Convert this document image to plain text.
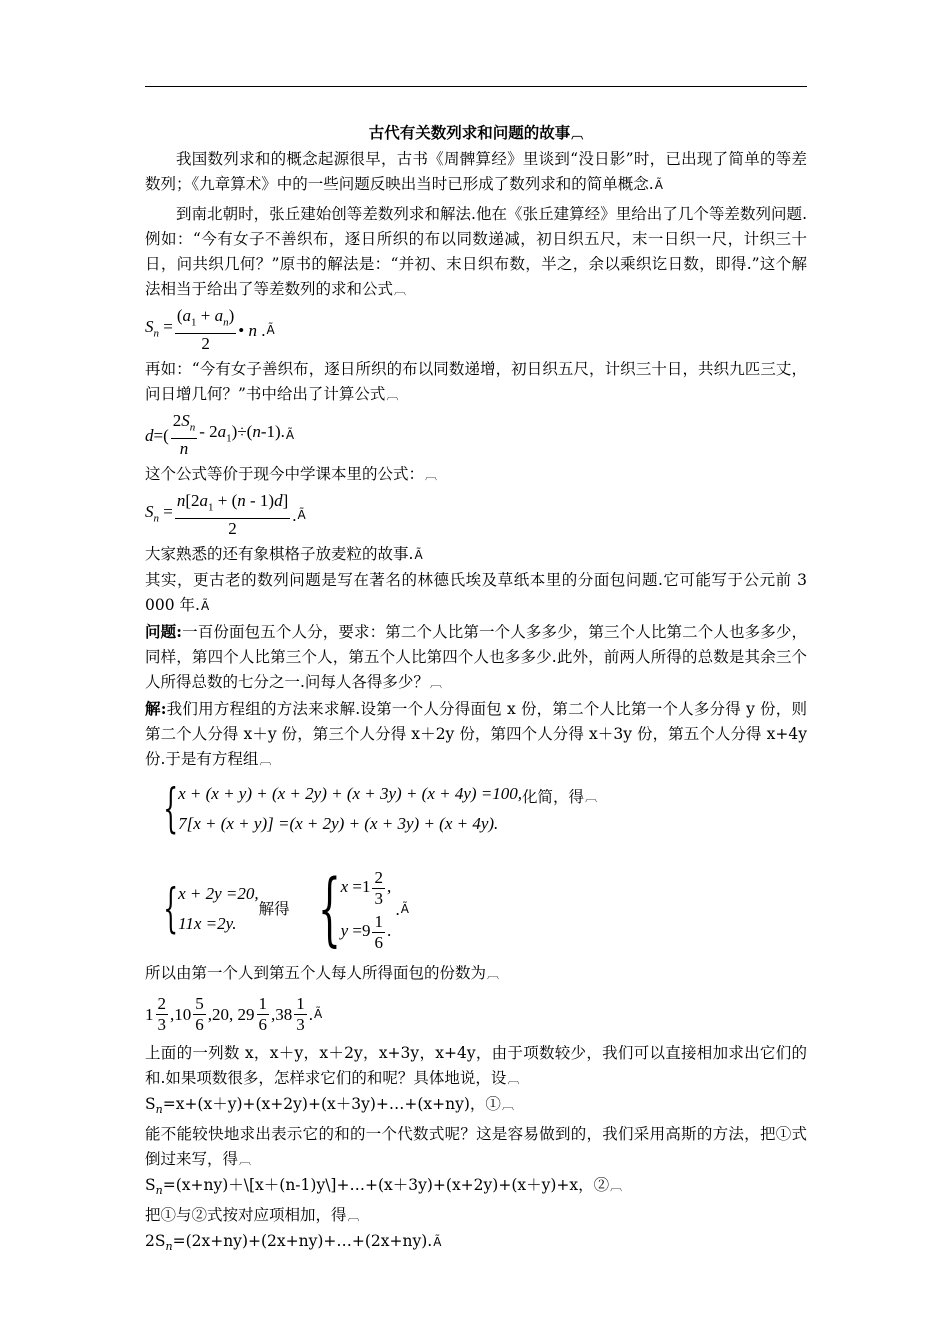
古代有关数列求和问题的故事︹

我国数列求和的概念起源很早，古书《周髀算经》里谈到“没日影”时，已出现了简单的等差数列；《九章算术》中的一些问题反映出当时已形成了数列求和的简单概念.Ã

到南北朝时，张丘建始创等差数列求和解法.他在《张丘建算经》里给出了几个等差数列问题.例如：“今有女子不善织布，逐日所织的布以同数递减，初日织五尺，末一日织一尺，计织三十日，问共织几何？”原书的解法是：“并初、末日织布数，半之，余以乘织讫日数，即得.”这个解法相当于给出了等差数列的求和公式︹

$S_n = \frac{(a_1 + a_n)}{2}$ • n . Ã

再如：“今有女子善织布，逐日所织的布以同数递增，初日织五尺，计织三十日，共织九匹三丈，问日增几何？”书中给出了计算公式︹

$d=( \frac{2S_n}{n} - 2a_1)\div(n-1)$. Ã

这个公式等价于现今中学课本里的公式：︹

$S_n = \frac{n[2a_1 + (n - 1)d]}{2}$ . Ã

大家熟悉的还有象棋格子放麦粒的故事.Ã

其实，更古老的数列问题是写在著名的林德氏埃及草纸本里的分面包问题.它可能写于公元前 3 000 年.Ã

问题:一百份面包五个人分，要求：第二个人比第一个人多多少，第三个人比第二个人也多多少，同样，第四个人比第三个人，第五个人比第四个人也多多少.此外，前两人所得的总数是其余三个人所得总数的七分之一.问每人各得多少？︹

解:我们用方程组的方法来求解.设第一个人分得面包 x 份，第二个人比第一个人多分得 y 份，则第二个人分得 x＋y 份，第三个人分得 x＋2y 份，第四个人分得 x＋3y 份，第五个人分得 x+4y 份.于是有方程组︹

{ x + (x + y) + (x + 2y) + (x + 3y) + (x + 4y) =100,
7[x + (x + y)] =(x + 2y) + (x + 3y) + (x + 4y).
化简，得 ︹
{ x + 2y =20,
11x =2y.
解得 { $x =1 \frac{2}{3}$ ,
$y =9 \frac{1}{6}$ .
. Ã

所以由第一个人到第五个人每人所得面包的份数为︹

$1 \frac{2}{3} ,10 \frac{5}{6} ,20$, $29 \frac{1}{6} ,38 \frac{1}{3}$ . Ã

上面的一列数 x，x＋y，x＋2y，x+3y，x+4y，由于项数较少，我们可以直接相加求出它们的和.如果项数很多，怎样求它们的和呢？具体地说，设︹

$S_n=x+(x+y)+(x+2y)+(x+3y)+\dots+(x+ny)$，①︹

能不能较快地求出表示它的和的一个代数式呢？这是容易做到的，我们采用高斯的方法，把①式倒过来写，得︹

$S_n=(x+ny)+\backslash[x+(n-1)y\backslash]+\dots+(x+3y)+(x+2y)+(x+y)+x$，②︹

把①与②式按对应项相加，得︹

$2S_n=(2x+ny)+(2x+ny)+\dots+(2x+ny).Ã$
